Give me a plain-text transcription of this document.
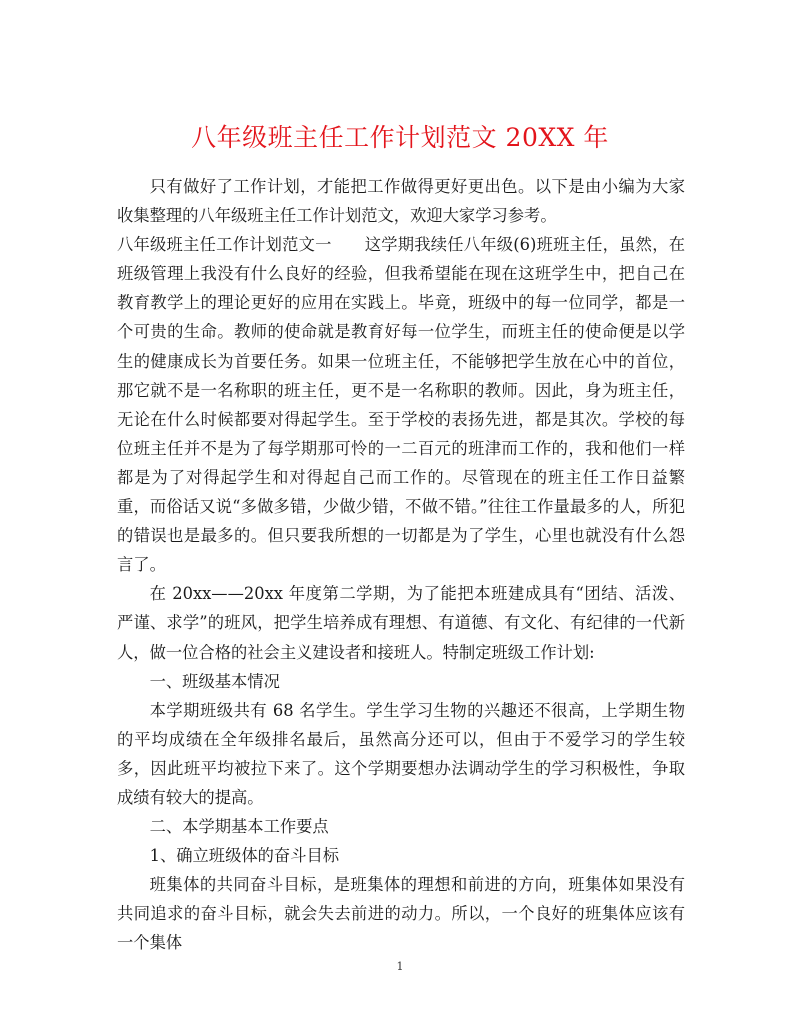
八年级班主任工作计划范文 20XX 年

只有做好了工作计划，才能把工作做得更好更出色。以下是由小编为大家收集整理的八年级班主任工作计划范文，欢迎大家学习参考。

八年级班主任工作计划范文一　　这学期我续任八年级(6)班班主任，虽然，在班级管理上我没有什么良好的经验，但我希望能在现在这班学生中，把自己在教育教学上的理论更好的应用在实践上。毕竟，班级中的每一位同学，都是一个可贵的生命。教师的使命就是教育好每一位学生，而班主任的使命便是以学生的健康成长为首要任务。如果一位班主任，不能够把学生放在心中的首位，那它就不是一名称职的班主任，更不是一名称职的教师。因此，身为班主任，无论在什么时候都要对得起学生。至于学校的表扬先进，都是其次。学校的每位班主任并不是为了每学期那可怜的一二百元的班津而工作的，我和他们一样都是为了对得起学生和对得起自己而工作的。尽管现在的班主任工作日益繁重，而俗话又说“多做多错，少做少错，不做不错。”往往工作量最多的人，所犯的错误也是最多的。但只要我所想的一切都是为了学生，心里也就没有什么怨言了。

在 20xx——20xx 年度第二学期，为了能把本班建成具有“团结、活泼、严谨、求学”的班风，把学生培养成有理想、有道德、有文化、有纪律的一代新人，做一位合格的社会主义建设者和接班人。特制定班级工作计划:

一、班级基本情况

本学期班级共有 68 名学生。学生学习生物的兴趣还不很高，上学期生物的平均成绩在全年级排名最后，虽然高分还可以，但由于不爱学习的学生较多，因此班平均被拉下来了。这个学期要想办法调动学生的学习积极性，争取成绩有较大的提高。

二、本学期基本工作要点

1、确立班级体的奋斗目标

班集体的共同奋斗目标，是班集体的理想和前进的方向，班集体如果没有共同追求的奋斗目标，就会失去前进的动力。所以，一个良好的班集体应该有一个集体

1
